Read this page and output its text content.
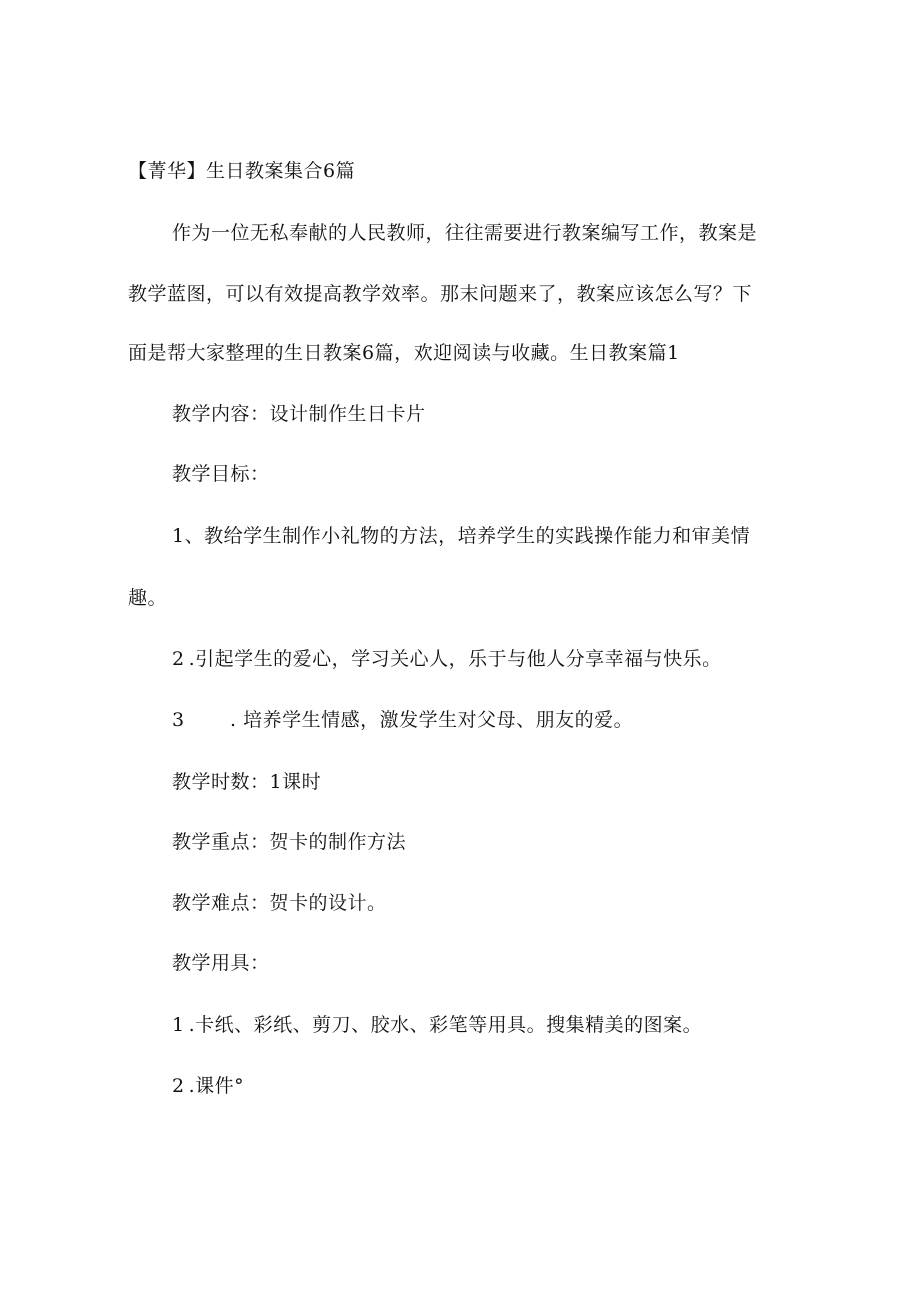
【菁华】生日教案集合6篇
作为一位无私奉献的人民教师，往往需要进行教案编写工作，教案是
教学蓝图，可以有效提高教学效率。那末问题来了，教案应该怎么写？下
面是帮大家整理的生日教案6篇，欢迎阅读与收藏。生日教案篇1
教学内容：设计制作生日卡片
教学目标：
1、教给学生制作小礼物的方法，培养学生的实践操作能力和审美情
趣。
2 .引起学生的爱心，学习关心人，乐于与他人分享幸福与快乐。
3 . 培养学生情感，激发学生对父母、朋友的爱。
教学时数：1课时
教学重点：贺卡的制作方法
教学难点：贺卡的设计。
教学用具：
1 .卡纸、彩纸、剪刀、胶水、彩笔等用具。搜集精美的图案。
2 .课件°
